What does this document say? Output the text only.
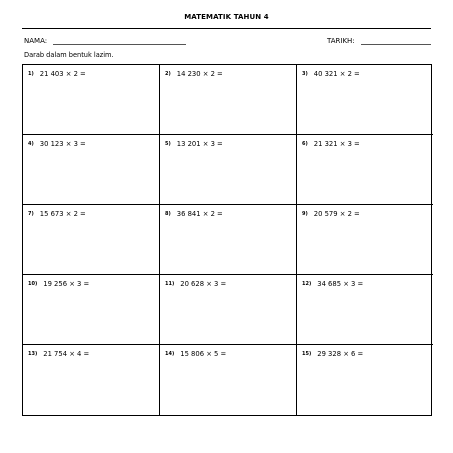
MATEMATIK TAHUN 4
NAMA:	TARIKH:
Darab dalam bentuk lazim.
1) 21 403 × 2 =	2) 14 230 × 2 =	3) 40 321 × 2 =
4) 30 123 × 3 =	5) 13 201 × 3 =	6) 21 321 × 3 =
7) 15 673 × 2 =	8) 36 841 × 2 =	9) 20 579 × 2 =
10) 19 256 × 3 =	11) 20 628 × 3 =	12) 34 685 × 3 =
13) 21 754 × 4 =	14) 15 806 × 5 =	15) 29 328 × 6 =
